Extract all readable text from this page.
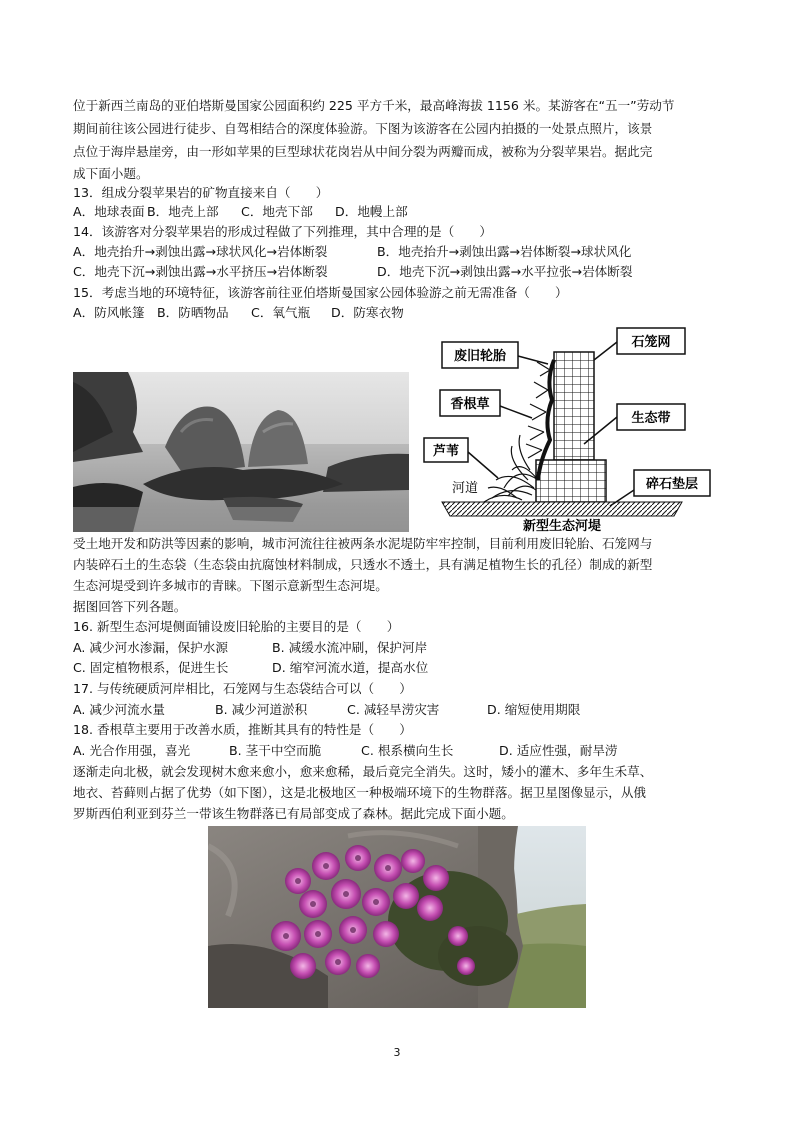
位于新西兰南岛的亚伯塔斯曼国家公园面积约 225 平方千米，最高峰海拔 1156 米。某游客在“五一”劳动节
期间前往该公园进行徒步、自驾相结合的深度体验游。下图为该游客在公园内拍摄的一处景点照片，该景
点位于海岸悬崖旁，由一形如苹果的巨型球状花岗岩从中间分裂为两瓣而成，被称为分裂苹果岩。据此完
成下面小题。
13．组成分裂苹果岩的矿物直接来自（　　）
A．地球表面 B．地壳上部 C．地壳下部 D．地幔上部
14．该游客对分裂苹果岩的形成过程做了下列推理，其中合理的是（　　）
A．地壳抬升→剥蚀出露→球状风化→岩体断裂	B．地壳抬升→剥蚀出露→岩体断裂→球状风化
C．地壳下沉→剥蚀出露→水平挤压→岩体断裂	D．地壳下沉→剥蚀出露→水平拉张→岩体断裂
15．考虑当地的环境特征，该游客前往亚伯塔斯曼国家公园体验游之前无需准备（　　）
A．防风帐篷 B．防晒物品 C．氧气瓶 D．防寒衣物
石笼网
废旧轮胎
生态带
香根草
芦苇
河道	碎石垫层
新型生态河堤
受土地开发和防洪等因素的影响，城市河流往往被两条水泥堤防牢牢控制，目前利用废旧轮胎、石笼网与
内装碎石土的生态袋（生态袋由抗腐蚀材料制成，只透水不透土，具有满足植物生长的孔径）制成的新型
生态河堤受到许多城市的青睐。下图示意新型生态河堤。
据图回答下列各题。
16. 新型生态河堤侧面铺设废旧轮胎的主要目的是（　　）
A. 减少河水渗漏，保护水源	B. 减缓水流冲刷，保护河岸
C. 固定植物根系，促进生长	D. 缩窄河流水道，提高水位
17. 与传统硬质河岸相比，石笼网与生态袋结合可以（　　）
A. 减少河流水量	B. 减少河道淤积	C. 减轻旱涝灾害	D. 缩短使用期限
18. 香根草主要用于改善水质，推断其具有的特性是（　　）
A. 光合作用强，喜光	B. 茎干中空而脆	C. 根系横向生长	D. 适应性强，耐旱涝
逐渐走向北极，就会发现树木愈来愈小，愈来愈稀，最后竟完全消失。这时，矮小的灌木、多年生禾草、
地衣、苔藓则占据了优势（如下图），这是北极地区一种极端环境下的生物群落。据卫星图像显示，从俄
罗斯西伯利亚到芬兰一带该生物群落已有局部变成了森林。据此完成下面小题。
3
